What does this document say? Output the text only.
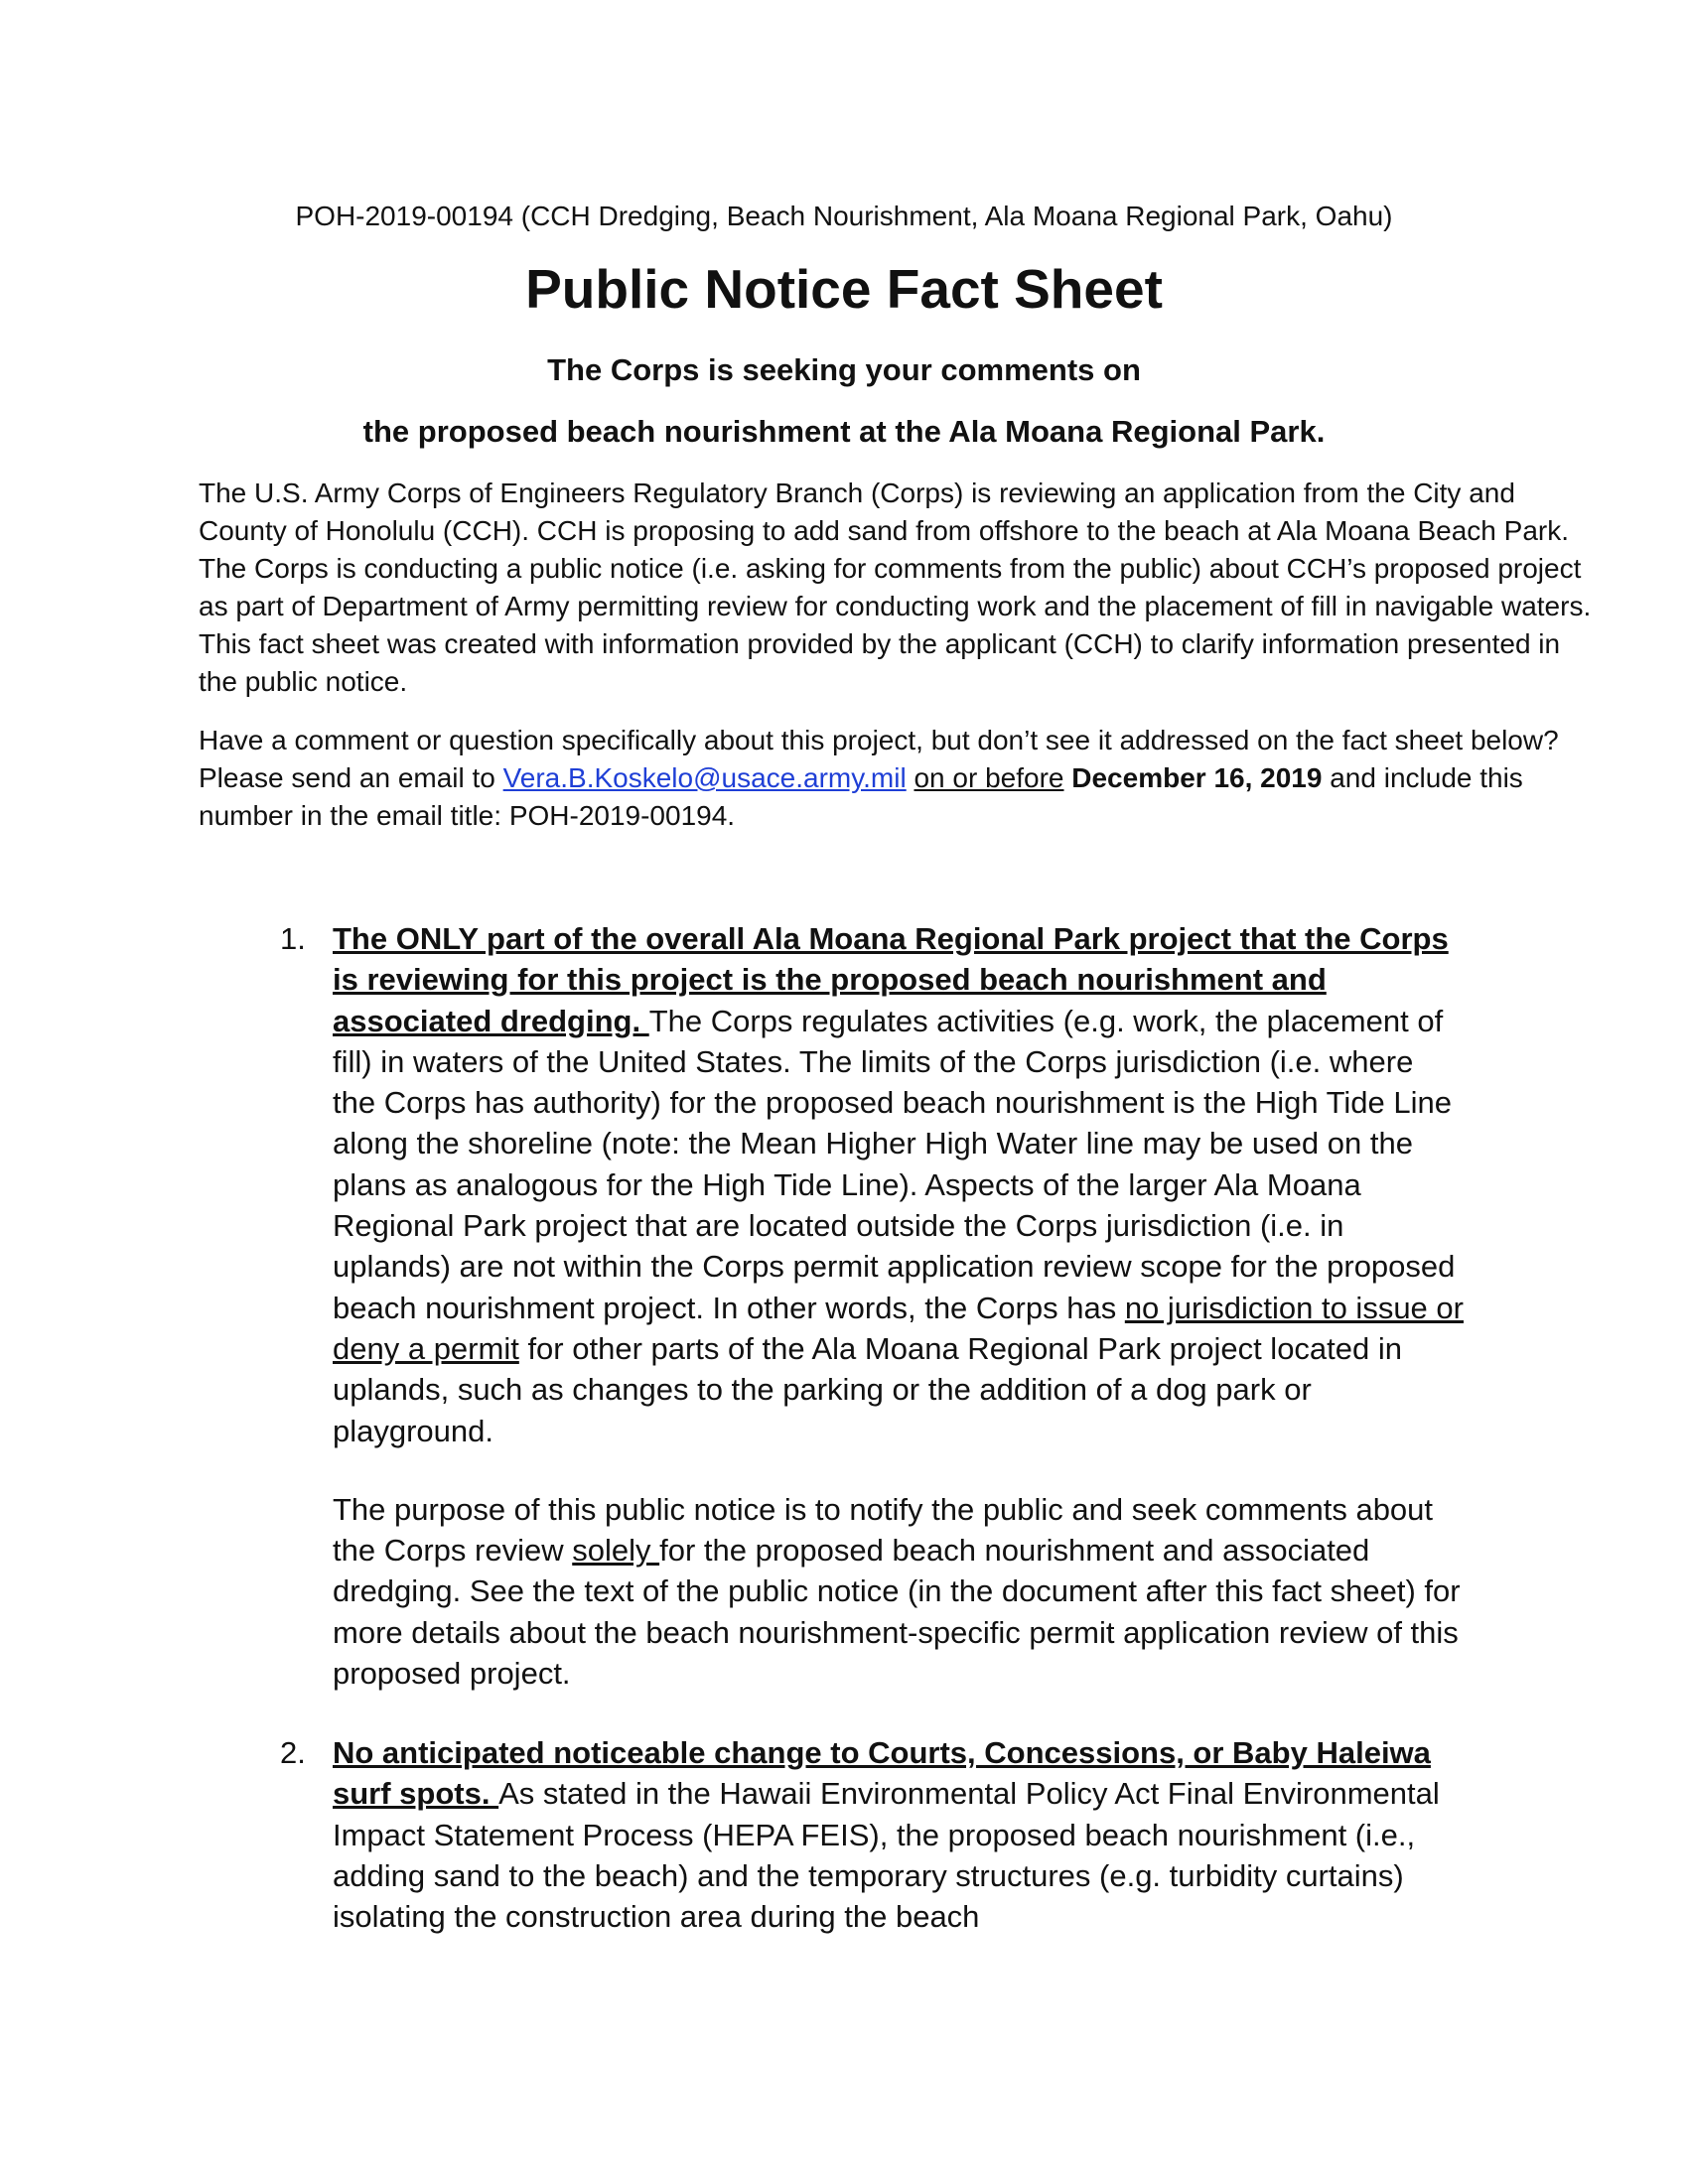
POH-2019-00194 (CCH Dredging, Beach Nourishment, Ala Moana Regional Park, Oahu)

Public Notice Fact Sheet

The Corps is seeking your comments on

the proposed beach nourishment at the Ala Moana Regional Park.

The U.S. Army Corps of Engineers Regulatory Branch (Corps) is reviewing an application from the City and County of Honolulu (CCH). CCH is proposing to add sand from offshore to the beach at Ala Moana Beach Park. The Corps is conducting a public notice (i.e. asking for comments from the public) about CCH’s proposed project as part of Department of Army permitting review for conducting work and the placement of fill in navigable waters. This fact sheet was created with information provided by the applicant (CCH) to clarify information presented in the public notice.

Have a comment or question specifically about this project, but don’t see it addressed on the fact sheet below? Please send an email to Vera.B.Koskelo@usace.army.mil on or before December 16, 2019 and include this number in the email title: POH-2019-00194.

1. The ONLY part of the overall Ala Moana Regional Park project that the Corps is reviewing for this project is the proposed beach nourishment and associated dredging. The Corps regulates activities (e.g. work, the placement of fill) in waters of the United States. The limits of the Corps jurisdiction (i.e. where the Corps has authority) for the proposed beach nourishment is the High Tide Line along the shoreline (note: the Mean Higher High Water line may be used on the plans as analogous for the High Tide Line). Aspects of the larger Ala Moana Regional Park project that are located outside the Corps jurisdiction (i.e. in uplands) are not within the Corps permit application review scope for the proposed beach nourishment project. In other words, the Corps has no jurisdiction to issue or deny a permit for other parts of the Ala Moana Regional Park project located in uplands, such as changes to the parking or the addition of a dog park or playground.

The purpose of this public notice is to notify the public and seek comments about the Corps review solely for the proposed beach nourishment and associated dredging. See the text of the public notice (in the document after this fact sheet) for more details about the beach nourishment-specific permit application review of this proposed project.

2. No anticipated noticeable change to Courts, Concessions, or Baby Haleiwa surf spots. As stated in the Hawaii Environmental Policy Act Final Environmental Impact Statement Process (HEPA FEIS), the proposed beach nourishment (i.e., adding sand to the beach) and the temporary structures (e.g. turbidity curtains) isolating the construction area during the beach
